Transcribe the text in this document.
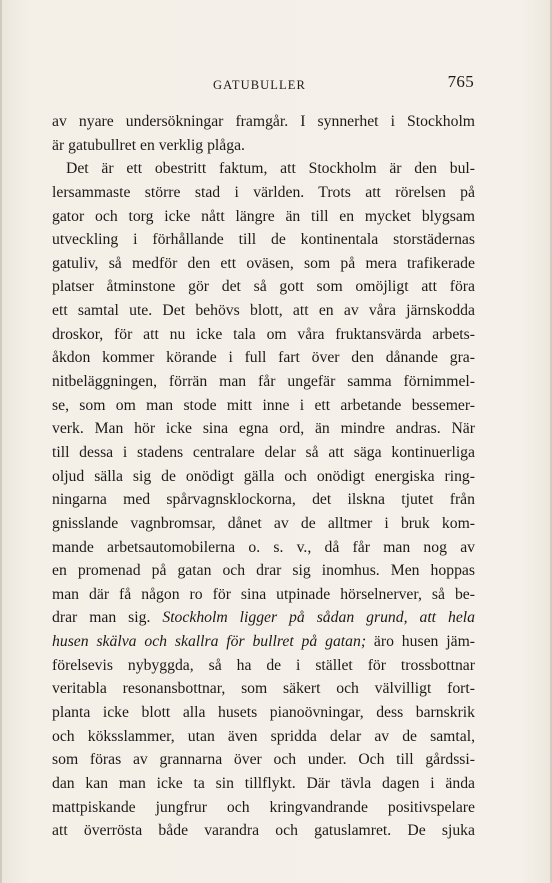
GATUBULLER	765
av nyare undersökningar framgår. I synnerhet i Stockholm
är gatubullret en verklig plåga.
Det är ett obestritt faktum, att Stockholm är den bul-
lersammaste större stad i världen. Trots att rörelsen på
gator och torg icke nått längre än till en mycket blygsam
utveckling i förhållande till de kontinentala storstädernas
gatuliv, så medför den ett oväsen, som på mera trafikerade
platser åtminstone gör det så gott som omöjligt att föra
ett samtal ute. Det behövs blott, att en av våra järnskodda
droskor, för att nu icke tala om våra fruktansvärda arbets-
åkdon kommer körande i full fart över den dånande gra-
nitbeläggningen, förrän man får ungefär samma förnimmel-
se, som om man stode mitt inne i ett arbetande bessemer-
verk. Man hör icke sina egna ord, än mindre andras. När
till dessa i stadens centralare delar så att säga kontinuerliga
oljud sälla sig de onödigt gälla och onödigt energiska ring-
ningarna med spårvagnsklockorna, det ilskna tjutet från
gnisslande vagnbromsar, dånet av de alltmer i bruk kom-
mande arbetsautomobilerna o. s. v., då får man nog av
en promenad på gatan och drar sig inomhus. Men hoppas
man där få någon ro för sina utpinade hörselnerver, så be-
drar man sig. Stockholm ligger på sådan grund, att hela
husen skälva och skallra för bullret på gatan; äro husen jäm-
förelsevis nybyggda, så ha de i stället för trossbottnar
veritabla resonansbottnar, som säkert och välvilligt fort-
planta icke blott alla husets pianoövningar, dess barnskrik
och köksslammer, utan även spridda delar av de samtal,
som föras av grannarna över och under. Och till gårdssi-
dan kan man icke ta sin tillflykt. Där tävla dagen i ända
mattpiskande jungfrur och kringvandrande positivspelare
att överrösta både varandra och gatuslamret. De sjuka
